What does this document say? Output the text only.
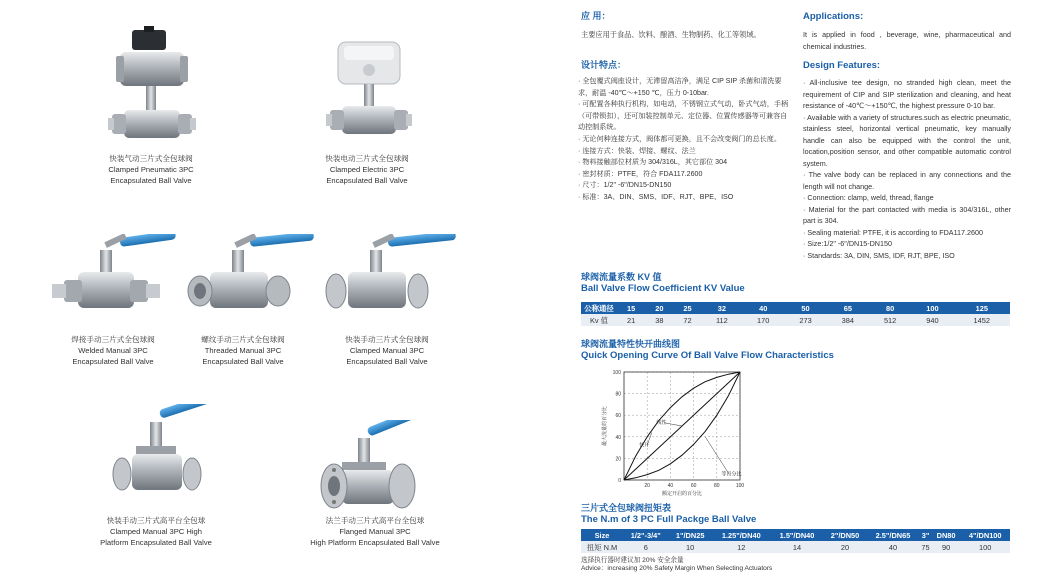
快装气动三片式全包球阀
Clamped Pneumatic 3PC
Encapsulated Ball Valve
快装电动三片式全包球阀
Clamped Electric 3PC
Encapsulated Ball Valve
焊接手动三片式全包球阀
Welded Manual 3PC
Encapsulated Ball Valve
螺纹手动三片式全包球阀
Threaded Manual 3PC
Encapsulated Ball Valve
快装手动三片式全包球阀
Clamped Manual 3PC
Encapsulated Ball Valve
快装手动三片式高平台全包球
Clamped Manual 3PC High
Platform Encapsulated Ball Valve
法兰手动三片式高平台全包球
Flanged Manual 3PC
High Platform Encapsulated Ball Valve
应 用：
主要应用于食品、饮料、酿酒、生物制药、化工等领域。
设计特点：
· 全包覆式阀座设计，无滞留高洁净，满足 CIP SIP 杀菌和清洗要求，耐温 -40℃～+150 ℃，压力 0-10bar.
· 可配置各种执行机构，如电动，不锈钢立式气动，卧式气动，手柄（可带锁扣），还可加装控制单元、定位器、位置传感器等可兼容自动控制系统。
· 无论何种连接方式，阀体都可更换，且不会改变阀门的总长度。
· 连接方式：快装、焊接、螺纹、法兰
· 物料接触部位材质为 304/316L，其它部位 304
· 密封材质：PTFE，符合 FDA117.2600
· 尺寸：1/2" -6"/DN15-DN150
· 标准：3A、DIN、SMS、IDF、RJT、BPE、ISO
Applications:

It is applied in food , beverage, wine, pharmaceutical and chemical industries.

Design Features:

· All-inclusive tee design, no stranded high clean, meet the requirement of CIP and SIP sterilization and cleaning, and heat resistance of -40℃～+150℃, the highest pressure 0-10 bar.

· Available with a variety of structures.such as electric pneumatic, stainless steel, horizontal vertical pneumatic, key manually handle can also be equipped with the control the unit, location,position sensor, and other compatible automatic control system.

· The valve body can be replaced in any connections and the length will not change.

· Connection: clamp, weld, thread, flange

· Material for the part contacted with media is 304/316L, other part is 304.

· Sealing material: PTFE, it is according to FDA117.2600

· Size:1/2" -6"/DN15-DN150

· Standards: 3A, DIN, SMS, IDF, RJT, BPE, ISO

球阀流量系数 KV 值
Ball Valve Flow Coefficient KV Value
公称通径	15	20	25	32	40	50	65	80	100	125
Kv 值	21	38	72	112	170	273	384	512	940	1452
球阀流量特性快开曲线图
Quick Opening Curve Of Ball Valve Flow Characteristics
0
20
40
60
80
100
20	40	60	80	100
额定开启的百分比
最大流量的百分比	快开
线性
等百分比
三片式全包球阀扭矩表
The N.m of 3 PC Full Packge Ball Valve
Size	1/2"-3/4"	1"/DN25	1.25"/DN40	1.5"/DN40	2"/DN50	2.5"/DN65	3"	DN80	4"/DN100
扭矩 N.M	6	10	12	14	20	40	75	90	100
选择执行器时建议加 20% 安全余量
Advice：increasing 20% Safety Margin When Selecting Actuators
